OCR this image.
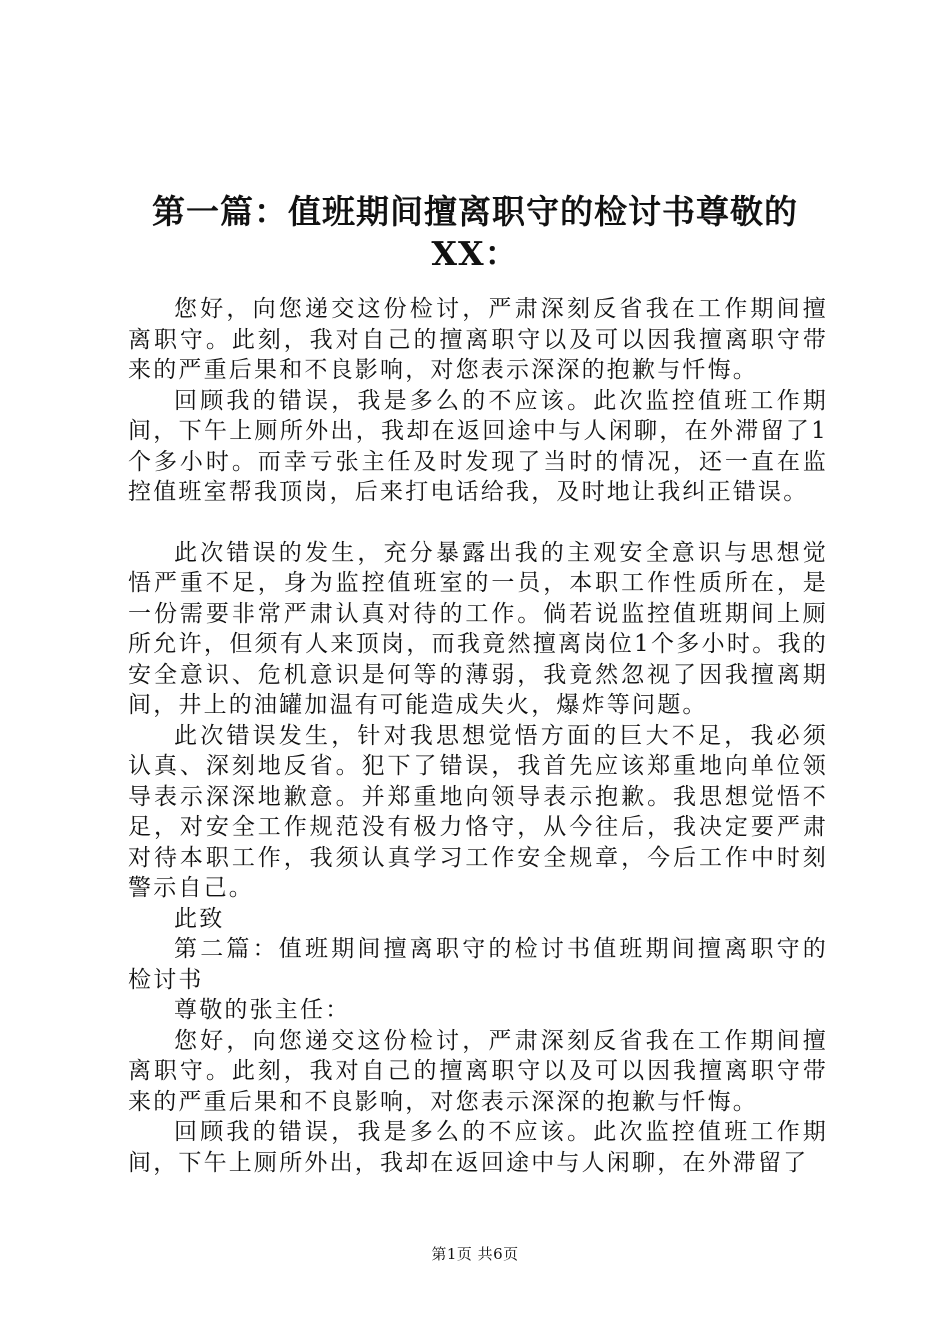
第一篇：值班期间擅离职守的检讨书尊敬的
XX：

您好，向您递交这份检讨，严肃深刻反省我在工作期间擅离职守。此刻，我对自己的擅离职守以及可以因我擅离职守带来的严重后果和不良影响，对您表示深深的抱歉与忏悔。

回顾我的错误，我是多么的不应该。此次监控值班工作期间，下午上厕所外出，我却在返回途中与人闲聊，在外滞留了1个多小时。而幸亏张主任及时发现了当时的情况，还一直在监控值班室帮我顶岗，后来打电话给我，及时地让我纠正错误。

此次错误的发生，充分暴露出我的主观安全意识与思想觉悟严重不足，身为监控值班室的一员，本职工作性质所在，是一份需要非常严肃认真对待的工作。倘若说监控值班期间上厕所允许，但须有人来顶岗，而我竟然擅离岗位1个多小时。我的安全意识、危机意识是何等的薄弱，我竟然忽视了因我擅离期间，井上的油罐加温有可能造成失火，爆炸等问题。

此次错误发生，针对我思想觉悟方面的巨大不足，我必须认真、深刻地反省。犯下了错误，我首先应该郑重地向单位领导表示深深地歉意。并郑重地向领导表示抱歉。我思想觉悟不足，对安全工作规范没有极力恪守，从今往后，我决定要严肃对待本职工作，我须认真学习工作安全规章，今后工作中时刻警示自己。

此致

第二篇：值班期间擅离职守的检讨书值班期间擅离职守的检讨书

尊敬的张主任：

您好，向您递交这份检讨，严肃深刻反省我在工作期间擅离职守。此刻，我对自己的擅离职守以及可以因我擅离职守带来的严重后果和不良影响，对您表示深深的抱歉与忏悔。

回顾我的错误，我是多么的不应该。此次监控值班工作期间，下午上厕所外出，我却在返回途中与人闲聊，在外滞留了

第1页 共6页
